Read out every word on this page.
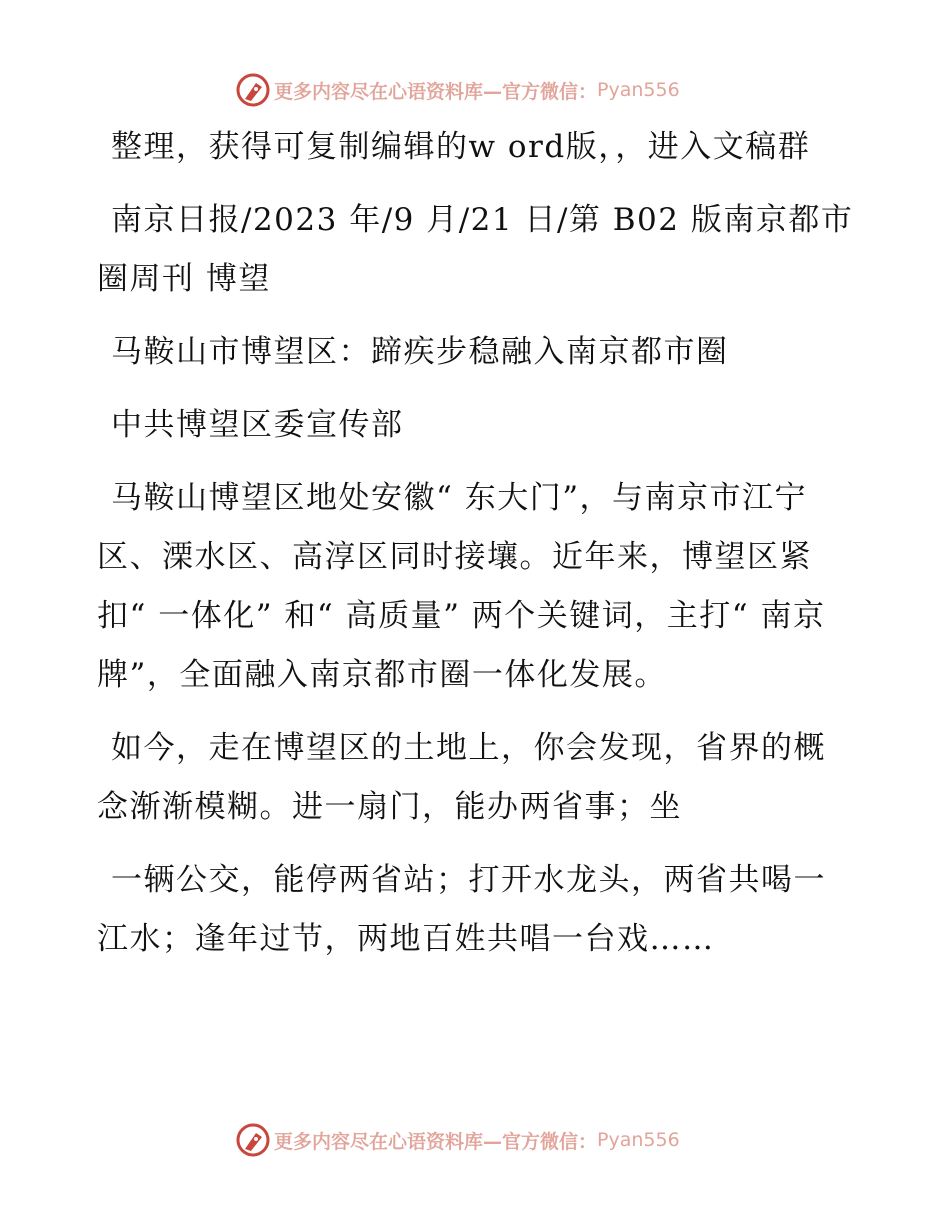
更多内容尽在心语资料库—官方微信： Pyan556

整理，获得可复制编辑的w ord版，，进入文稿群

南京日报/2023 年/9 月/21 日/第 B02 版南京都市圈周刊 博望

马鞍山市博望区：蹄疾步稳融入南京都市圈

中共博望区委宣传部

马鞍山博望区地处安徽“ 东大门”，与南京市江宁区、溧水区、高淳区同时接壤。近年来，博望区紧扣“ 一体化” 和“ 高质量” 两个关键词，主打“ 南京牌”，全面融入南京都市圈一体化发展。

如今，走在博望区的土地上，你会发现，省界的概念渐渐模糊。进一扇门，能办两省事；坐

一辆公交，能停两省站；打开水龙头，两省共喝一江水；逢年过节，两地百姓共唱一台戏……

更多内容尽在心语资料库—官方微信： Pyan556
